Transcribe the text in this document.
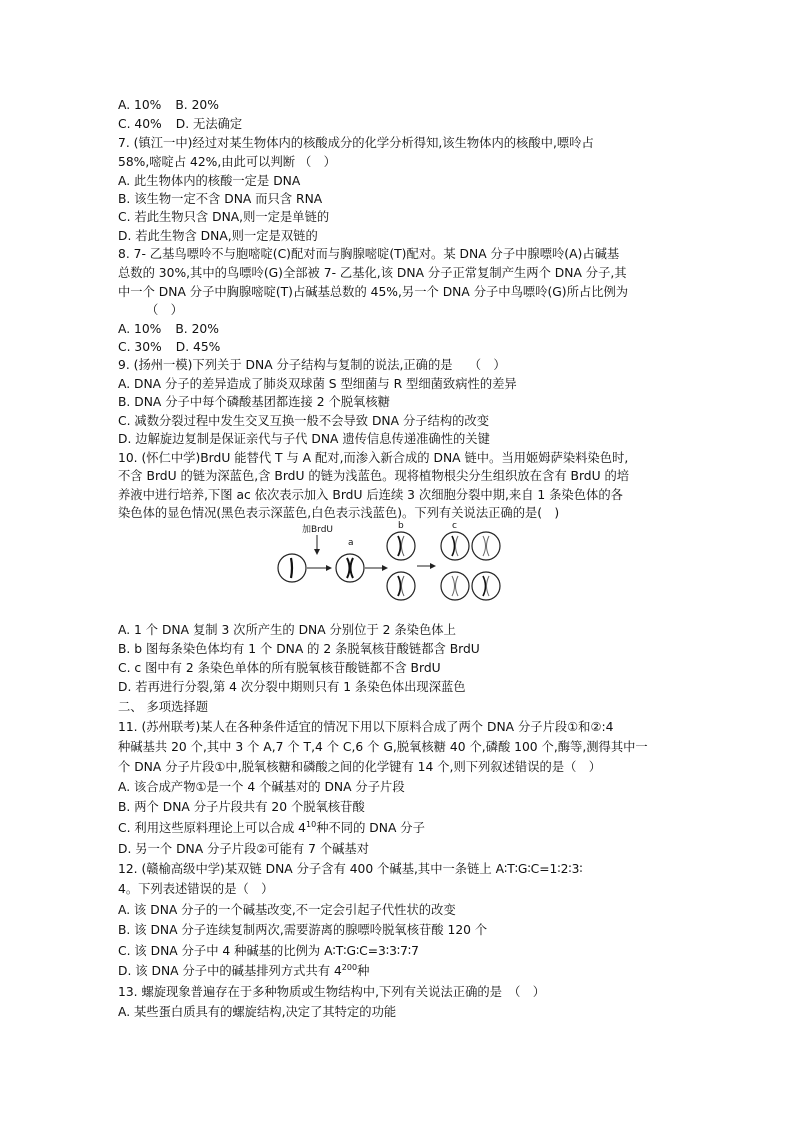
A. 10% B. 20%
C. 40% D. 无法确定
7. (镇江一中)经过对某生物体内的核酸成分的化学分析得知,该生物体内的核酸中,嘌呤占
58%,嘧啶占 42%,由此可以判断 （　）
A. 此生物体内的核酸一定是 DNA
B. 该生物一定不含 DNA 而只含 RNA
C. 若此生物只含 DNA,则一定是单链的
D. 若此生物含 DNA,则一定是双链的
8. 7- 乙基鸟嘌呤不与胞嘧啶(C)配对而与胸腺嘧啶(T)配对。某 DNA 分子中腺嘌呤(A)占碱基
总数的 30%,其中的鸟嘌呤(G)全部被 7- 乙基化,该 DNA 分子正常复制产生两个 DNA 分子,其
中一个 DNA 分子中胸腺嘧啶(T)占碱基总数的 45%,另一个 DNA 分子中鸟嘌呤(G)所占比例为
（　）
A. 10% B. 20%
C. 30% D. 45%
9. (扬州一模)下列关于 DNA 分子结构与复制的说法,正确的是　 （　）
A. DNA 分子的差异造成了肺炎双球菌 S 型细菌与 R 型细菌致病性的差异
B. DNA 分子中每个磷酸基团都连接 2 个脱氧核糖
C. 减数分裂过程中发生交叉互换一般不会导致 DNA 分子结构的改变
D. 边解旋边复制是保证亲代与子代 DNA 遗传信息传递准确性的关键
10. (怀仁中学)BrdU 能替代 T 与 A 配对,而渗入新合成的 DNA 链中。当用姬姆萨染料染色时,
不含 BrdU 的链为深蓝色,含 BrdU 的链为浅蓝色。现将植物根尖分生组织放在含有 BrdU 的培
养液中进行培养,下图 ac 依次表示加入 BrdU 后连续 3 次细胞分裂中期,来自 1 条染色体的各
染色体的显色情况(黑色表示深蓝色,白色表示浅蓝色)。下列有关说法正确的是(　)
加BrdU
a
b	c
A. 1 个 DNA 复制 3 次所产生的 DNA 分别位于 2 条染色体上
B. b 图每条染色体均有 1 个 DNA 的 2 条脱氧核苷酸链都含 BrdU
C. c 图中有 2 条染色单体的所有脱氧核苷酸链都不含 BrdU
D. 若再进行分裂,第 4 次分裂中期则只有 1 条染色体出现深蓝色
二、 多项选择题
11. (苏州联考)某人在各种条件适宜的情况下用以下原料合成了两个 DNA 分子片段①和②:4
种碱基共 20 个,其中 3 个 A,7 个 T,4 个 C,6 个 G,脱氧核糖 40 个,磷酸 100 个,酶等,测得其中一
个 DNA 分子片段①中,脱氧核糖和磷酸之间的化学键有 14 个,则下列叙述错误的是（　）
A. 该合成产物①是一个 4 个碱基对的 DNA 分子片段
B. 两个 DNA 分子片段共有 20 个脱氧核苷酸
C. 利用这些原料理论上可以合成 $4^{10}$种不同的 DNA 分子
D. 另一个 DNA 分子片段②可能有 7 个碱基对
12. (赣榆高级中学)某双链 DNA 分子含有 400 个碱基,其中一条链上 A∶T∶G∶C=1∶2∶3∶
4。下列表述错误的是（　）
A. 该 DNA 分子的一个碱基改变,不一定会引起子代性状的改变
B. 该 DNA 分子连续复制两次,需要游离的腺嘌呤脱氧核苷酸 120 个
C. 该 DNA 分子中 4 种碱基的比例为 A∶T∶G∶C=3∶3∶7∶7
D. 该 DNA 分子中的碱基排列方式共有 $4^{200}$种
13. 螺旋现象普遍存在于多种物质或生物结构中,下列有关说法正确的是　（　）
A. 某些蛋白质具有的螺旋结构,决定了其特定的功能
